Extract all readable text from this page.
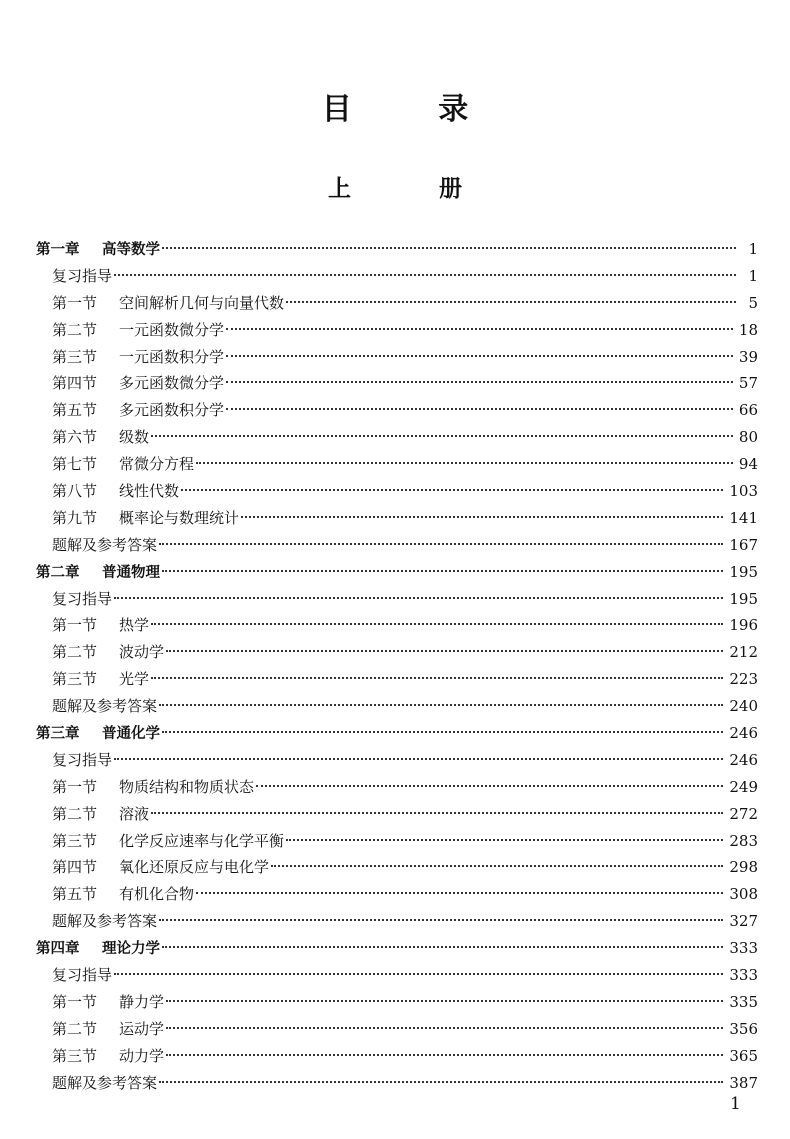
目 录
上 册
第一章	高等数学	1
复习指导	1
第一节	空间解析几何与向量代数	5
第二节	一元函数微分学	18
第三节	一元函数积分学	39
第四节	多元函数微分学	57
第五节	多元函数积分学	66
第六节	级数	80
第七节	常微分方程	94
第八节	线性代数	103
第九节	概率论与数理统计	141
题解及参考答案	167
第二章	普通物理	195
复习指导	195
第一节	热学	196
第二节	波动学	212
第三节	光学	223
题解及参考答案	240
第三章	普通化学	246
复习指导	246
第一节	物质结构和物质状态	249
第二节	溶液	272
第三节	化学反应速率与化学平衡	283
第四节	氧化还原反应与电化学	298
第五节	有机化合物	308
题解及参考答案	327
第四章	理论力学	333
复习指导	333
第一节	静力学	335
第二节	运动学	356
第三节	动力学	365
题解及参考答案	387
1
